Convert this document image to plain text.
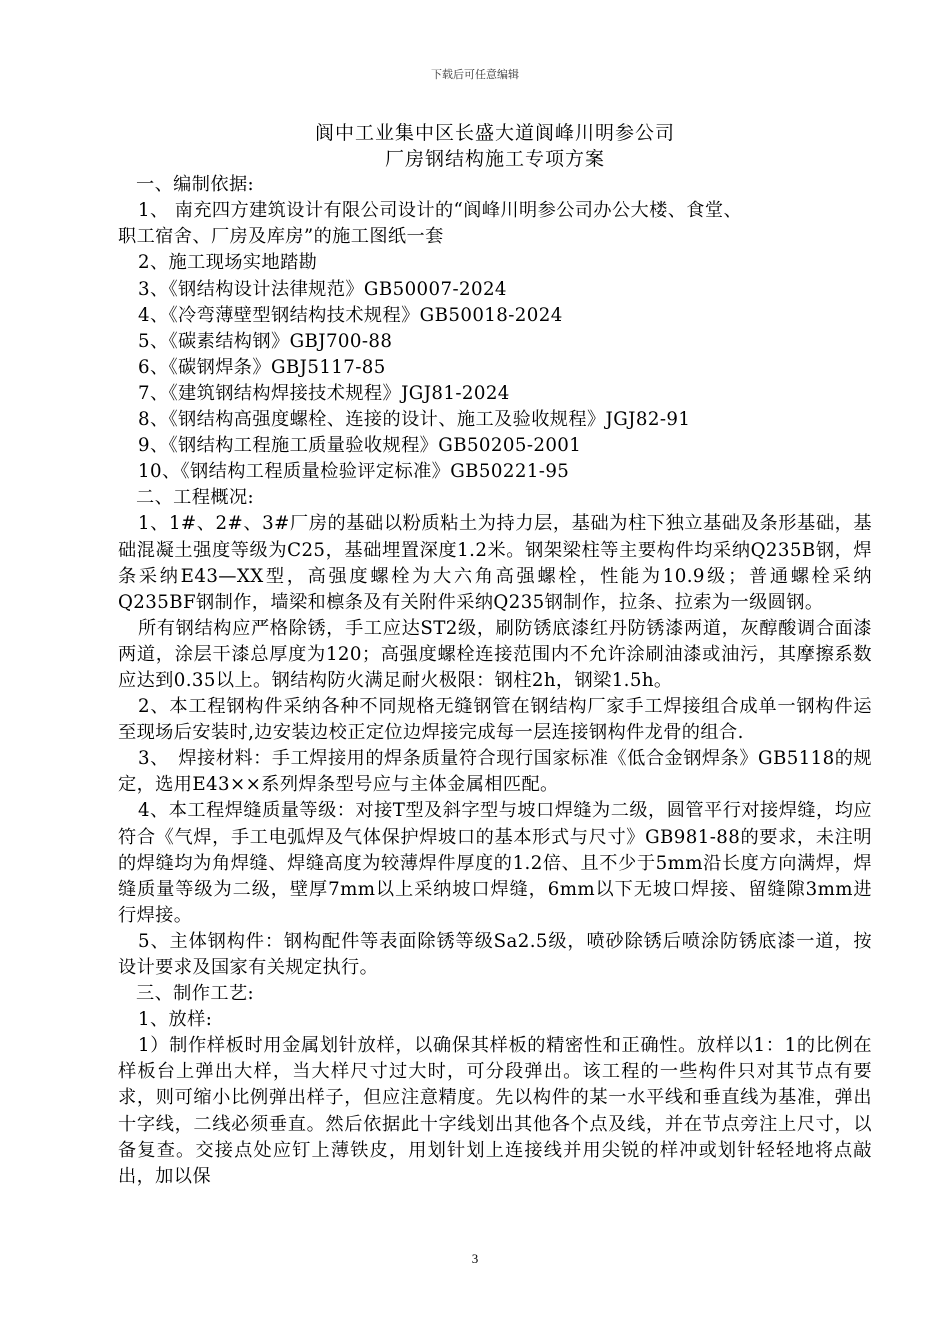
下载后可任意编辑
阆中工业集中区长盛大道阆峰川明参公司
厂房钢结构施工专项方案

一、编制依据:

1、 南充四方建筑设计有限公司设计的“阆峰川明参公司办公大楼、食堂、

职工宿舍、厂房及库房”的施工图纸一套

2、施工现场实地踏勘

3、《钢结构设计法律规范》GB50007-2024

4、《冷弯薄壁型钢结构技术规程》GB50018-2024

5、《碳素结构钢》GBJ700-88

6、《碳钢焊条》GBJ5117-85

7、《建筑钢结构焊接技术规程》JGJ81-2024

8、《钢结构高强度螺栓、连接的设计、施工及验收规程》JGJ82-91

9、《钢结构工程施工质量验收规程》GB50205-2001

10、《钢结构工程质量检验评定标准》GB50221-95

二、工程概况:

1、1#、2#、3#厂房的基础以粉质粘土为持力层，基础为柱下独立基础及条形基础，基础混凝土强度等级为C25，基础埋置深度1.2米。钢架梁柱等主要构件均采纳Q235B钢，焊条采纳E43—XX型，高强度螺栓为大六角高强螺栓，性能为10.9级；普通螺栓采纳Q235BF钢制作，墙梁和檩条及有关附件采纳Q235钢制作，拉条、拉索为一级圆钢。

所有钢结构应严格除锈，手工应达ST2级，刷防锈底漆红丹防锈漆两道，灰醇酸调合面漆两道，涂层干漆总厚度为120；高强度螺栓连接范围内不允许涂刷油漆或油污，其摩擦系数应达到0.35以上。钢结构防火满足耐火极限：钢柱2h，钢梁1.5h。

2、本工程钢构件采纳各种不同规格无缝钢管在钢结构厂家手工焊接组合成单一钢构件运至现场后安装时,边安装边校正定位边焊接完成每一层连接钢构件龙骨的组合.

3、　焊接材料：手工焊接用的焊条质量符合现行国家标准《低合金钢焊条》GB5118的规定，选用E43××系列焊条型号应与主体金属相匹配。

4、本工程焊缝质量等级：对接T型及斜字型与坡口焊缝为二级，圆管平行对接焊缝，均应符合《气焊，手工电弧焊及气体保护焊坡口的基本形式与尺寸》GB981-88的要求，未注明的焊缝均为角焊缝、焊缝高度为较薄焊件厚度的1.2倍、且不少于5mm沿长度方向满焊，焊缝质量等级为二级，壁厚7mm以上采纳坡口焊缝，6mm以下无坡口焊接、留缝隙3mm进行焊接。

5、主体钢构件：钢构配件等表面除锈等级Sa2.5级，喷砂除锈后喷涂防锈底漆一道，按设计要求及国家有关规定执行。

三、制作工艺:

1、放样:

1）制作样板时用金属划针放样，以确保其样板的精密性和正确性。放样以1：1的比例在样板台上弹出大样，当大样尺寸过大时，可分段弹出。该工程的一些构件只对其节点有要求，则可缩小比例弹出样子，但应注意精度。先以构件的某一水平线和垂直线为基准，弹出十字线，二线必须垂直。然后依据此十字线划出其他各个点及线，并在节点旁注上尺寸，以备复查。交接点处应钉上薄铁皮，用划针划上连接线并用尖锐的样冲或划针轻轻地将点敲出，加以保

3
